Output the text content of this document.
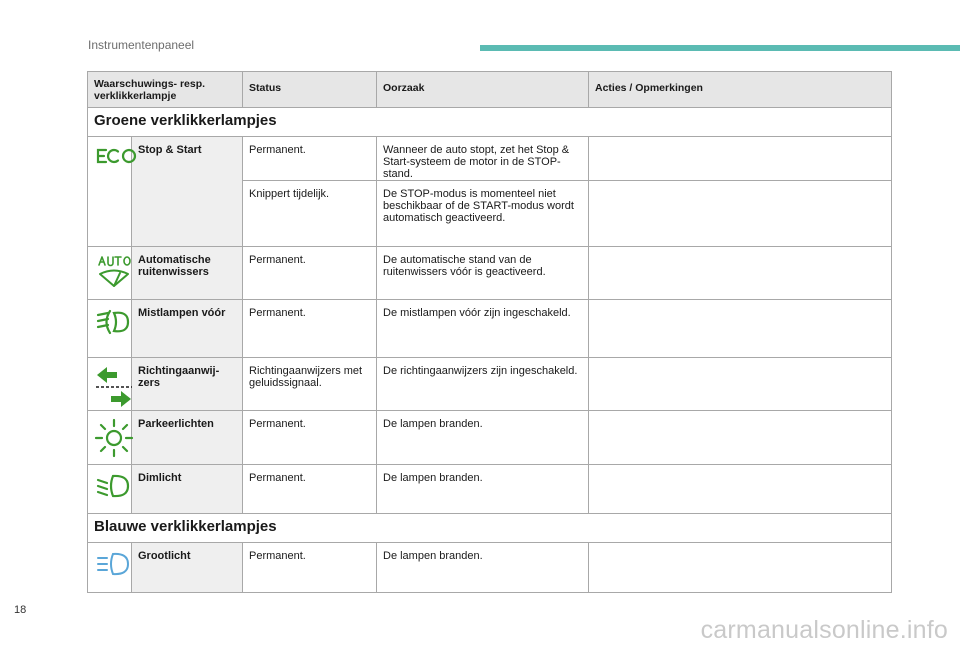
Instrumentenpaneel
Waarschuwings- resp. verklikkerlampje		Status	Oorzaak	Acties / Opmerkingen
Groene verklikkerlampjes				

	Stop & Start	Permanent.	Wanneer de auto stopt, zet het Stop & Start-systeem de motor in de STOP-stand.	
		Knippert tijdelijk.	De STOP-modus is momenteel niet beschikbaar of de START-modus wordt automatisch geactiveerd.	

	Automatische ruitenwissers	Permanent.	De automatische stand van de ruitenwissers vóór is geactiveerd.	

	Mistlampen vóór	Permanent.	De mistlampen vóór zijn ingeschakeld.	

	Richtingaanwij- zers	Richtingaanwijzers met geluidssignaal.	De richtingaanwijzers zijn ingeschakeld.	

	Parkeerlichten	Permanent.	De lampen branden.	

	Dimlicht	Permanent.	De lampen branden.	
Blauwe verklikkerlampjes				

	Grootlicht	Permanent.	De lampen branden.	
18
carmanualsonline.info
